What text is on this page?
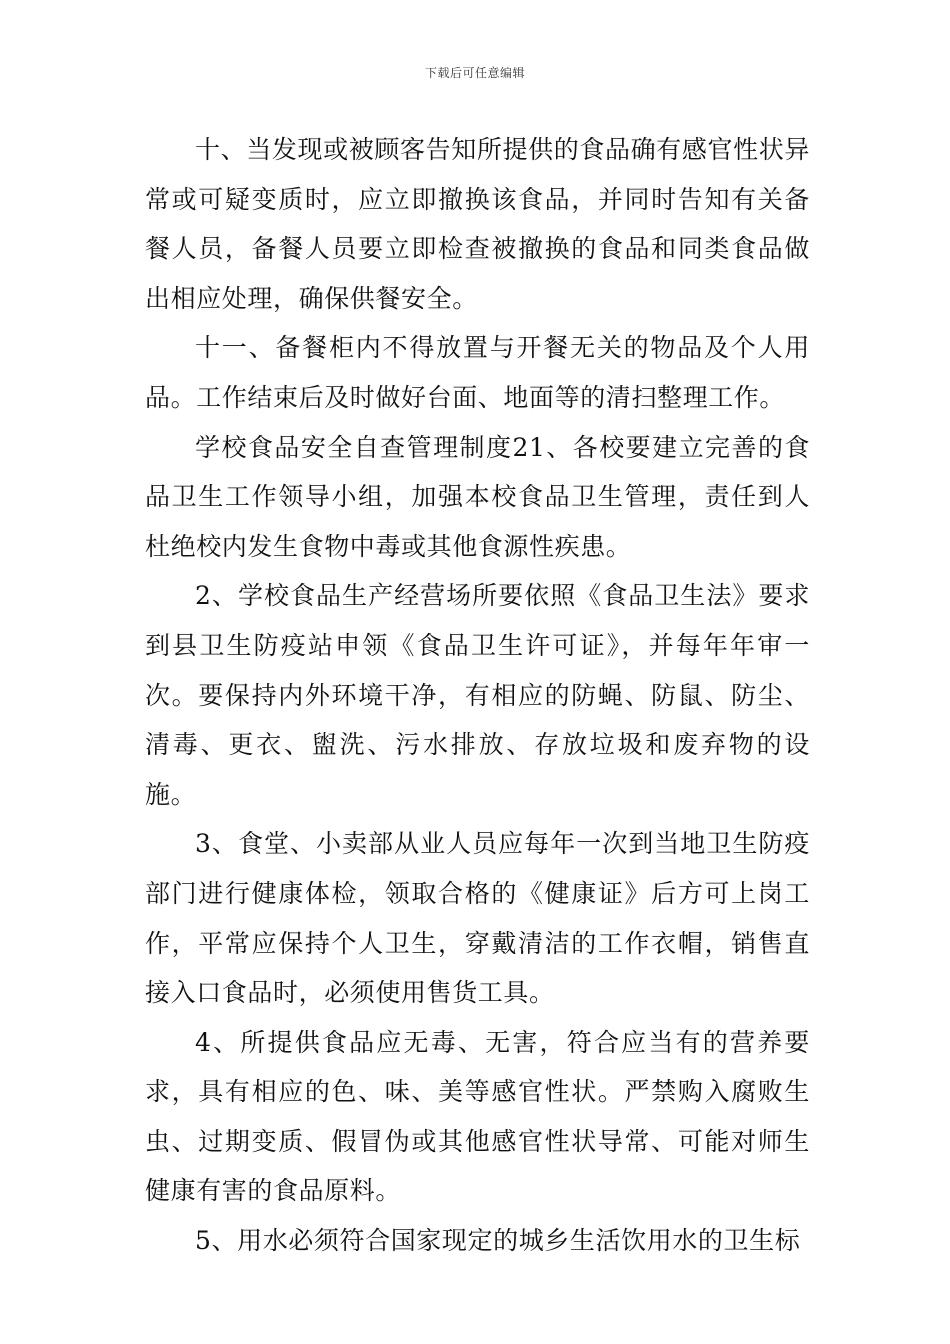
下载后可任意编辑

十、当发现或被顾客告知所提供的食品确有感官性状异常或可疑变质时，应立即撤换该食品，并同时告知有关备餐人员，备餐人员要立即检查被撤换的食品和同类食品做出相应处理，确保供餐安全。

十一、备餐柜内不得放置与开餐无关的物品及个人用品。工作结束后及时做好台面、地面等的清扫整理工作。

学校食品安全自查管理制度21、各校要建立完善的食品卫生工作领导小组，加强本校食品卫生管理，责任到人杜绝校内发生食物中毒或其他食源性疾患。

2、学校食品生产经营场所要依照《食品卫生法》要求到县卫生防疫站申领《食品卫生许可证》，并每年年审一次。要保持内外环境干净，有相应的防蝇、防鼠、防尘、清毒、更衣、盥洗、污水排放、存放垃圾和废弃物的设施。

3、食堂、小卖部从业人员应每年一次到当地卫生防疫部门进行健康体检，领取合格的《健康证》后方可上岗工作，平常应保持个人卫生，穿戴清洁的工作衣帽，销售直接入口食品时，必须使用售货工具。

4、所提供食品应无毒、无害，符合应当有的营养要求，具有相应的色、味、美等感官性状。严禁购入腐败生虫、过期变质、假冒伪或其他感官性状导常、可能对师生健康有害的食品原料。

5、用水必须符合国家现定的城乡生活饮用水的卫生标
